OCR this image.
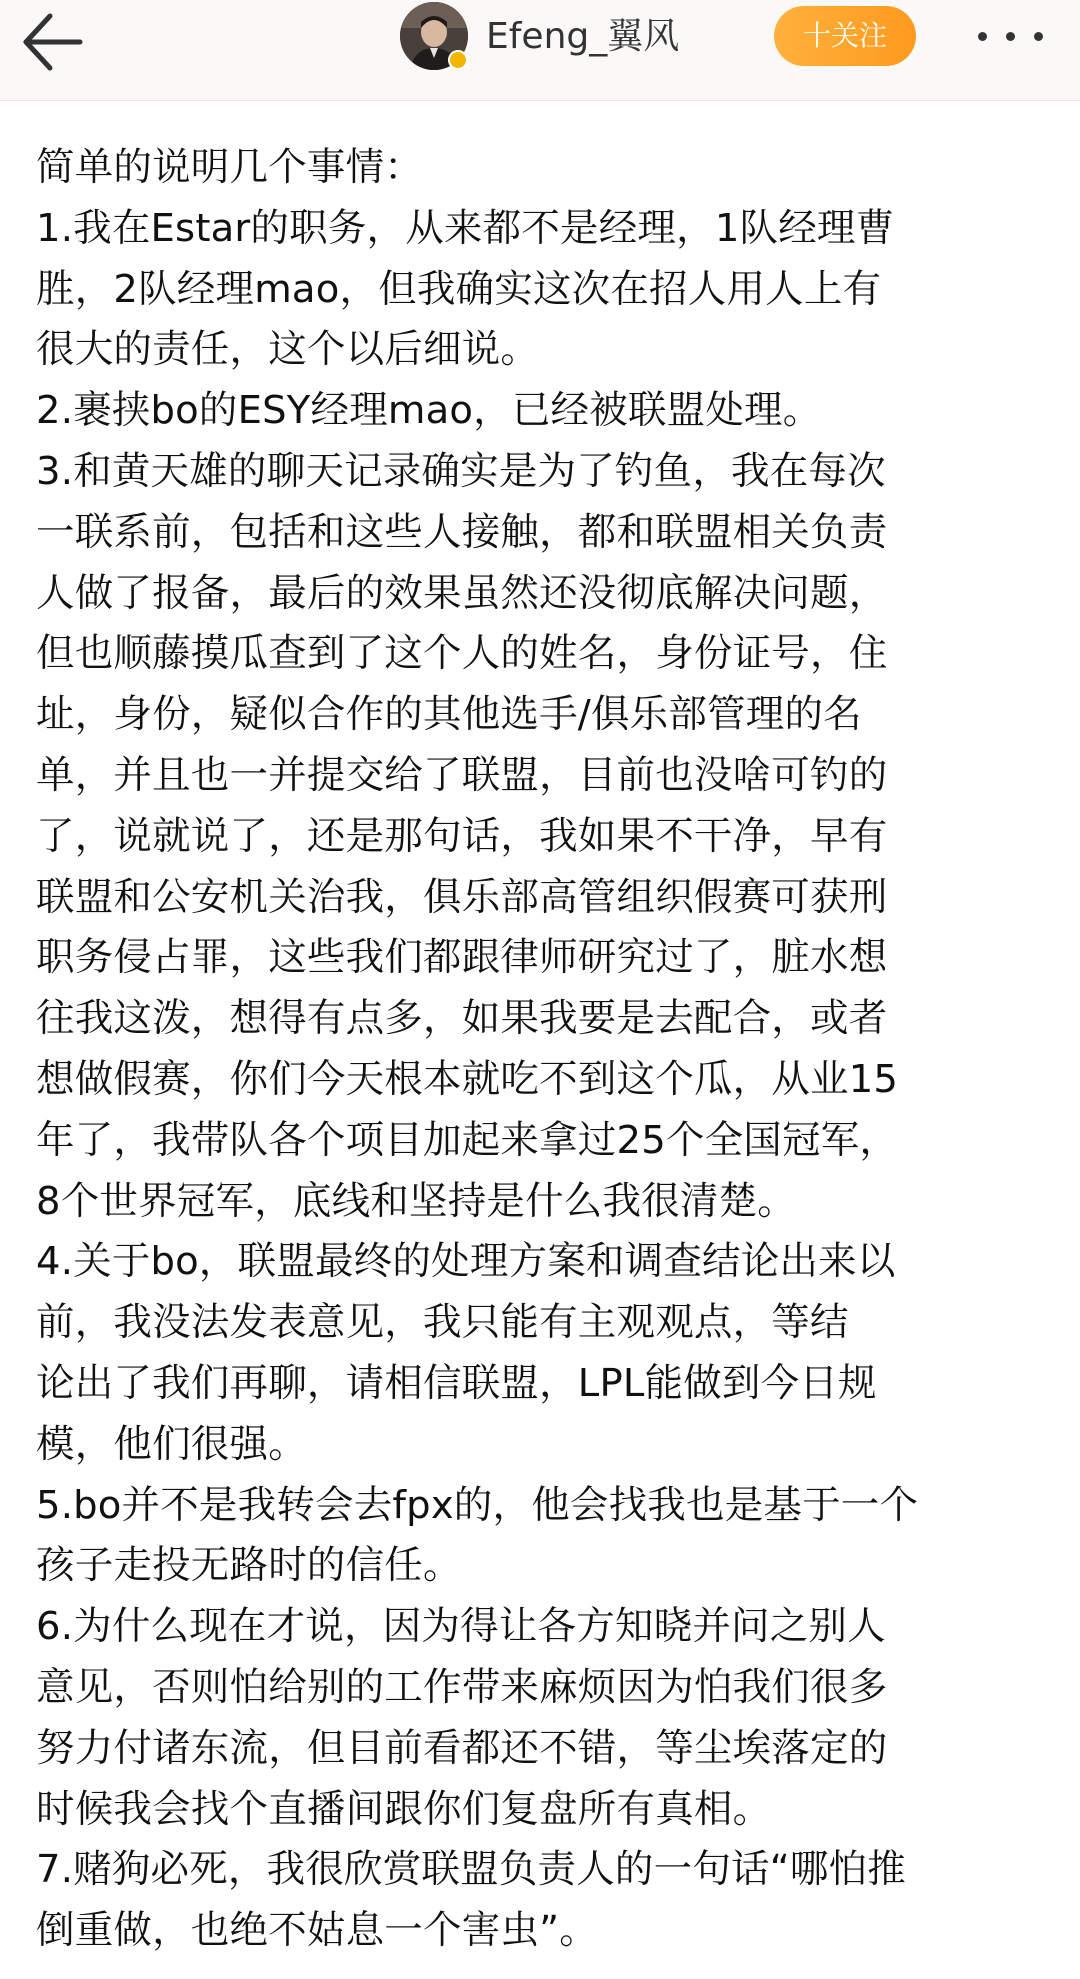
Efeng_翼风	十关注

简单的说明几个事情：

1.我在Estar的职务，从来都不是经理，1队经理曹

胜，2队经理mao，但我确实这次在招人用人上有

很大的责任，这个以后细说。

2.裹挟bo的ESY经理mao，已经被联盟处理。

3.和黄天雄的聊天记录确实是为了钓鱼，我在每次

一联系前，包括和这些人接触，都和联盟相关负责

人做了报备，最后的效果虽然还没彻底解决问题，

但也顺藤摸瓜查到了这个人的姓名，身份证号，住

址，身份，疑似合作的其他选手/俱乐部管理的名

单，并且也一并提交给了联盟，目前也没啥可钓的

了，说就说了，还是那句话，我如果不干净，早有

联盟和公安机关治我，俱乐部高管组织假赛可获刑

职务侵占罪，这些我们都跟律师研究过了，脏水想

往我这泼，想得有点多，如果我要是去配合，或者

想做假赛，你们今天根本就吃不到这个瓜，从业15

年了，我带队各个项目加起来拿过25个全国冠军，

8个世界冠军，底线和坚持是什么我很清楚。

4.关于bo，联盟最终的处理方案和调查结论出来以

前，我没法发表意见，我只能有主观观点，等结

论出了我们再聊，请相信联盟，LPL能做到今日规

模，他们很强。

5.bo并不是我转会去fpx的，他会找我也是基于一个

孩子走投无路时的信任。

6.为什么现在才说，因为得让各方知晓并问之别人

意见，否则怕给别的工作带来麻烦因为怕我们很多

努力付诸东流，但目前看都还不错，等尘埃落定的

时候我会找个直播间跟你们复盘所有真相。

7.赌狗必死，我很欣赏联盟负责人的一句话“哪怕推

倒重做，也绝不姑息一个害虫”。
